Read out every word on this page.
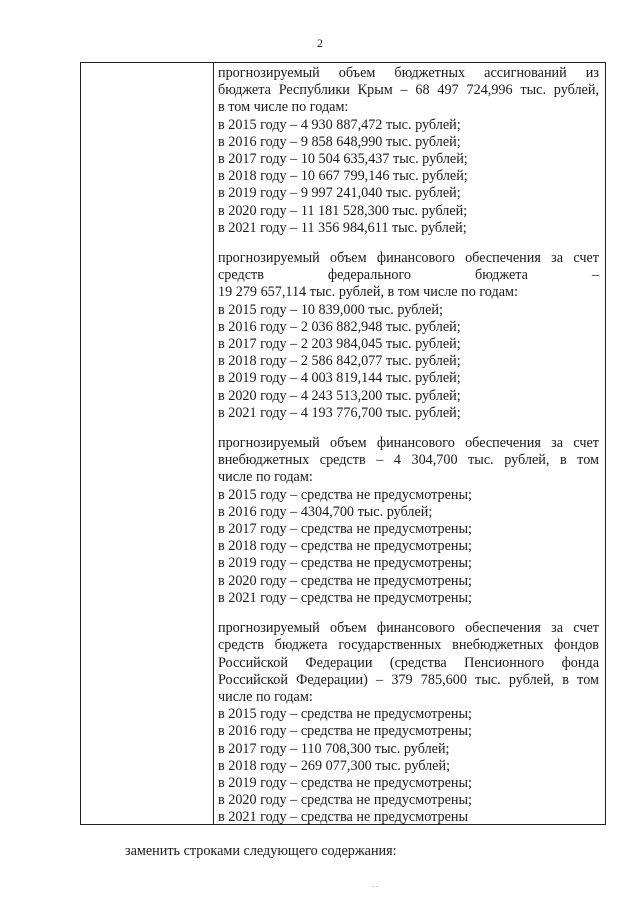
2
прогнозируемый объем бюджетных ассигнований из
бюджета Республики Крым – 68 497 724,996 тыс. рублей,
в том числе по годам:
в 2015 году – 4 930 887,472 тыс. рублей;
в 2016 году – 9 858 648,990 тыс. рублей;
в 2017 году – 10 504 635,437 тыс. рублей;
в 2018 году – 10 667 799,146 тыс. рублей;
в 2019 году – 9 997 241,040 тыс. рублей;
в 2020 году – 11 181 528,300 тыс. рублей;
в 2021 году – 11 356 984,611 тыс. рублей;
прогнозируемый объем финансового обеспечения за счет
средств федерального бюджета –
19 279 657,114 тыс. рублей, в том числе по годам:
в 2015 году – 10 839,000 тыс. рублей;
в 2016 году – 2 036 882,948 тыс. рублей;
в 2017 году – 2 203 984,045 тыс. рублей;
в 2018 году – 2 586 842,077 тыс. рублей;
в 2019 году – 4 003 819,144 тыс. рублей;
в 2020 году – 4 243 513,200 тыс. рублей;
в 2021 году – 4 193 776,700 тыс. рублей;
прогнозируемый объем финансового обеспечения за счет
внебюджетных средств – 4 304,700 тыс. рублей, в том
числе по годам:
в 2015 году – средства не предусмотрены;
в 2016 году – 4304,700 тыс. рублей;
в 2017 году – средства не предусмотрены;
в 2018 году – средства не предусмотрены;
в 2019 году – средства не предусмотрены;
в 2020 году – средства не предусмотрены;
в 2021 году – средства не предусмотрены;
прогнозируемый объем финансового обеспечения за счет
средств бюджета государственных внебюджетных фондов
Российской Федерации (средства Пенсионного фонда
Российской Федерации) – 379 785,600 тыс. рублей, в том
числе по годам:
в 2015 году – средства не предусмотрены;
в 2016 году – средства не предусмотрены;
в 2017 году – 110 708,300 тыс. рублей;
в 2018 году – 269 077,300 тыс. рублей;
в 2019 году – средства не предусмотрены;
в 2020 году – средства не предусмотрены;
в 2021 году – средства не предусмотрены
заменить строками следующего содержания:
. .
